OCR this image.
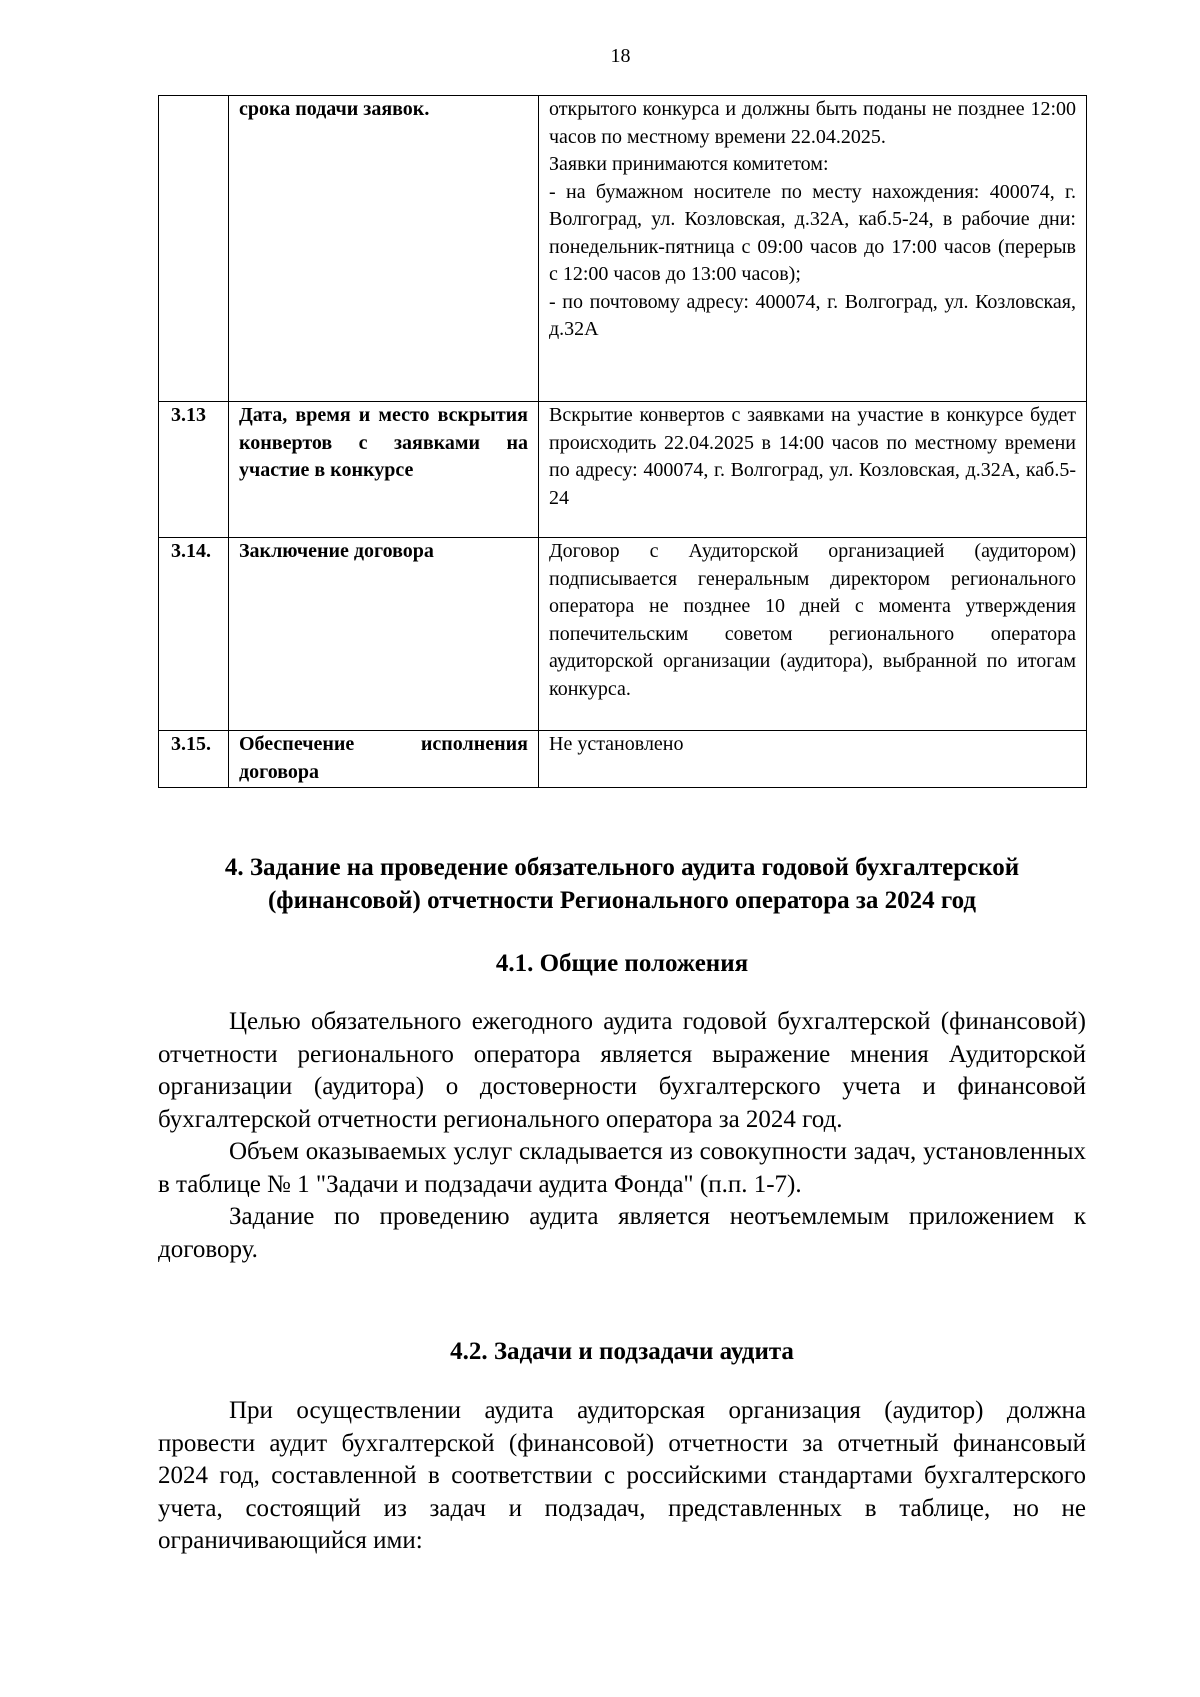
18
	срока подачи заявок.	открытого конкурса и должны быть поданы не позднее 12:00 часов по местному времени 22.04.2025.
Заявки принимаются комитетом:
- на бумажном носителе по месту нахождения: 400074, г. Волгоград, ул. Козловская, д.32А, каб.5-24, в рабочие дни: понедельник-пятница с 09:00 часов до 17:00 часов (перерыв с 12:00 часов до 13:00 часов);
- по почтовому адресу: 400074, г. Волгоград, ул. Козловская, д.32А

3.13	Дата, время и место вскрытия конвертов с заявками на участие в конкурсе	Вскрытие конвертов с заявками на участие в конкурсе будет происходить 22.04.2025 в 14:00 часов по местному времени по адресу: 400074, г. Волгоград, ул. Козловская, д.32А, каб.5-24

3.14.	Заключение договора	Договор с Аудиторской организацией (аудитором) подписывается генеральным директором регионального оператора не позднее 10 дней с момента утверждения попечительским советом регионального оператора аудиторской организации (аудитора), выбранной по итогам конкурса.

3.15.	Обеспечение исполнения договора	Не установлено
4. Задание на проведение обязательного аудита годовой бухгалтерской (финансовой) отчетности Регионального оператора за 2024 год
4.1. Общие положения

Целью обязательного ежегодного аудита годовой бухгалтерской (финансовой) отчетности регионального оператора является выражение мнения Аудиторской организации (аудитора) о достоверности бухгалтерского учета и финансовой бухгалтерской отчетности регионального оператора за 2024 год.

Объем оказываемых услуг складывается из совокупности задач, установленных в таблице № 1 "Задачи и подзадачи аудита Фонда" (п.п. 1-7).

Задание по проведению аудита является неотъемлемым приложением к договору.

4.2. Задачи и подзадачи аудита

При осуществлении аудита аудиторская организация (аудитор) должна провести аудит бухгалтерской (финансовой) отчетности за отчетный финансовый 2024 год, составленной в соответствии с российскими стандартами бухгалтерского учета, состоящий из задач и подзадач, представленных в таблице, но не ограничивающийся ими:
